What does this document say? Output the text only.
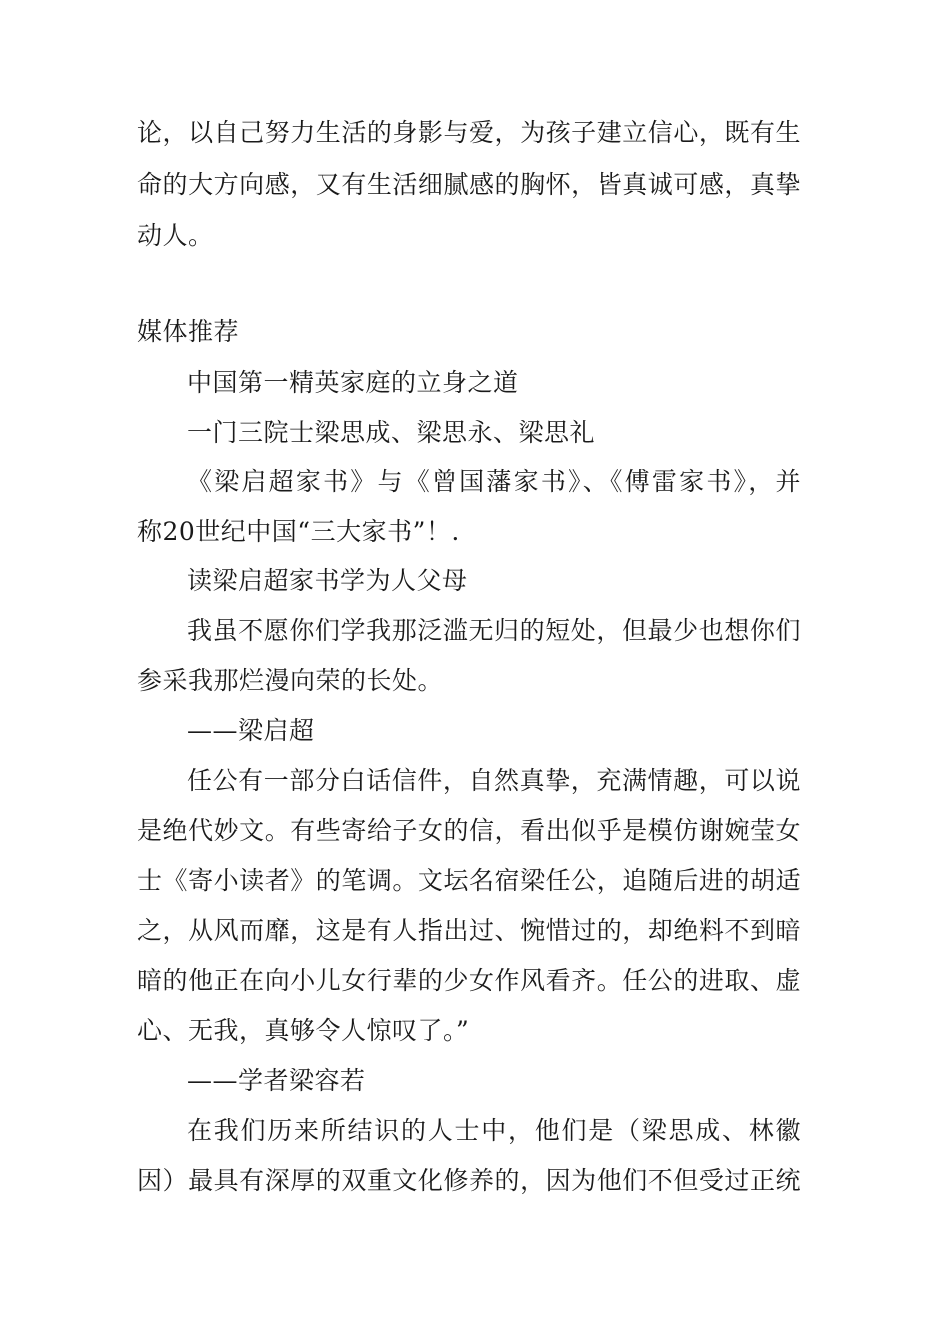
论，以自己努力生活的身影与爱，为孩子建立信心，既有生
命的大方向感，又有生活细腻感的胸怀，皆真诚可感，真挚
动人。
媒体推荐
中国第一精英家庭的立身之道
一门三院士梁思成、梁思永、梁思礼
《梁启超家书》与《曾国藩家书》、《傅雷家书》，并
称20世纪中国“三大家书”！.
读梁启超家书学为人父母
我虽不愿你们学我那泛滥无归的短处，但最少也想你们
参采我那烂漫向荣的长处。
——梁启超
任公有一部分白话信件，自然真挚，充满情趣，可以说
是绝代妙文。有些寄给子女的信，看出似乎是模仿谢婉莹女
士《寄小读者》的笔调。文坛名宿梁任公，追随后进的胡适
之，从风而靡，这是有人指出过、惋惜过的，却绝料不到暗
暗的他正在向小儿女行辈的少女作风看齐。任公的进取、虚
心、无我，真够令人惊叹了。”
——学者梁容若
在我们历来所结识的人士中，他们是（梁思成、林徽
因）最具有深厚的双重文化修养的，因为他们不但受过正统
